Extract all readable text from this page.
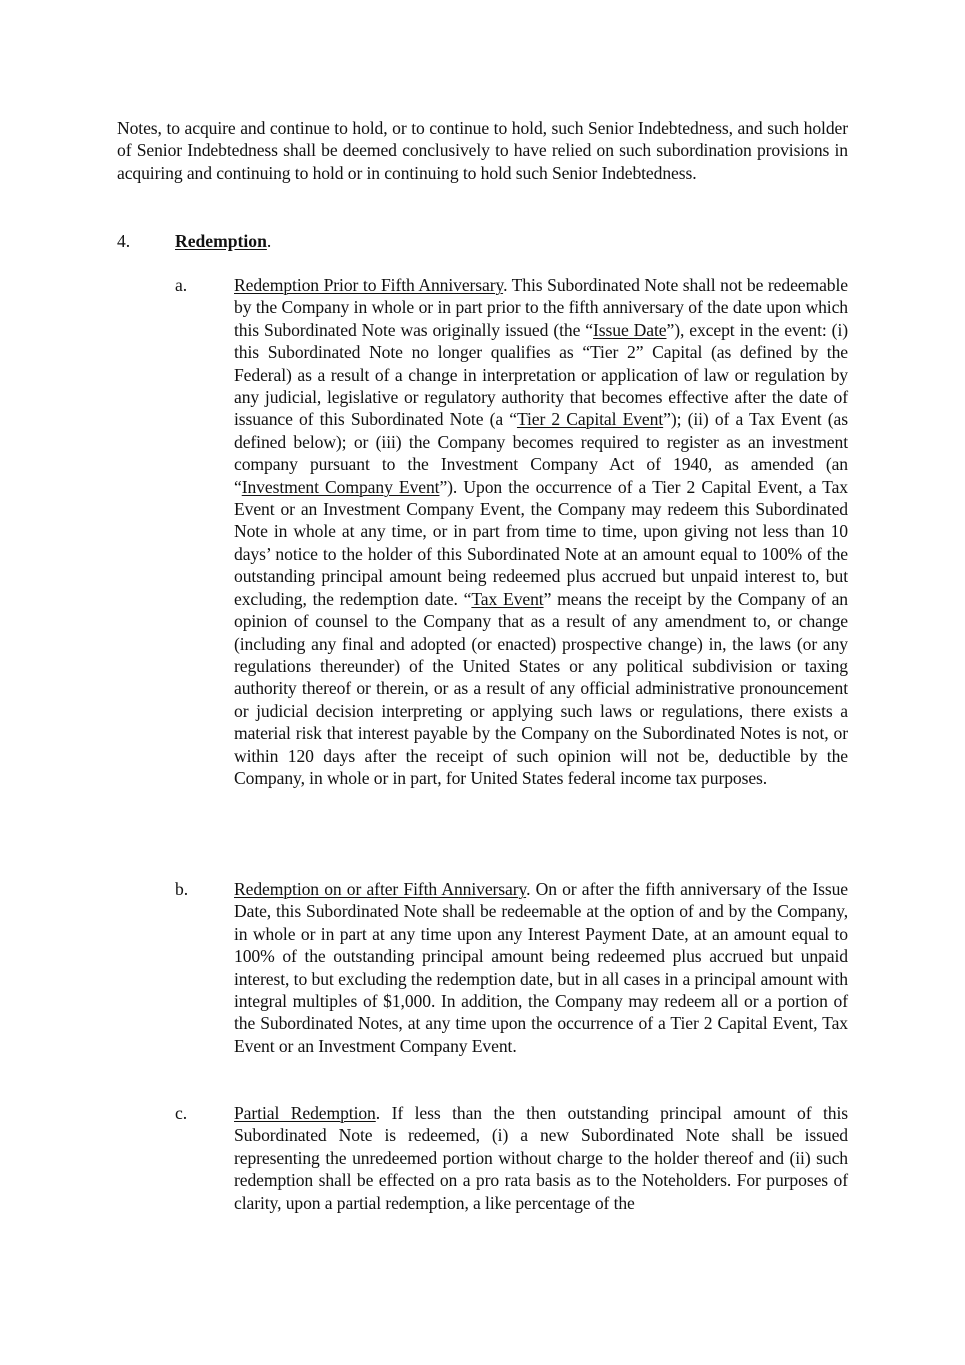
Notes, to acquire and continue to hold, or to continue to hold, such Senior Indebtedness, and such holder of Senior Indebtedness shall be deemed conclusively to have relied on such subordination provisions in acquiring and continuing to hold or in continuing to hold such Senior Indebtedness.

4.	Redemption.

a.	Redemption Prior to Fifth Anniversary. This Subordinated Note shall not be redeemable by the Company in whole or in part prior to the fifth anniversary of the date upon which this Subordinated Note was originally issued (the “Issue Date”), except in the event: (i) this Subordinated Note no longer qualifies as “Tier 2” Capital (as defined by the Federal) as a result of a change in interpretation or application of law or regulation by any judicial, legislative or regulatory authority that becomes effective after the date of issuance of this Subordinated Note (a “Tier 2 Capital Event”); (ii) of a Tax Event (as defined below); or (iii) the Company becomes required to register as an investment company pursuant to the Investment Company Act of 1940, as amended (an “Investment Company Event”). Upon the occurrence of a Tier 2 Capital Event, a Tax Event or an Investment Company Event, the Company may redeem this Subordinated Note in whole at any time, or in part from time to time, upon giving not less than 10 days’ notice to the holder of this Subordinated Note at an amount equal to 100% of the outstanding principal amount being redeemed plus accrued but unpaid interest to, but excluding, the redemption date. “Tax Event” means the receipt by the Company of an opinion of counsel to the Company that as a result of any amendment to, or change (including any final and adopted (or enacted) prospective change) in, the laws (or any regulations thereunder) of the United States or any political subdivision or taxing authority thereof or therein, or as a result of any official administrative pronouncement or judicial decision interpreting or applying such laws or regulations, there exists a material risk that interest payable by the Company on the Subordinated Notes is not, or within 120 days after the receipt of such opinion will not be, deductible by the Company, in whole or in part, for United States federal income tax purposes.

b.	Redemption on or after Fifth Anniversary. On or after the fifth anniversary of the Issue Date, this Subordinated Note shall be redeemable at the option of and by the Company, in whole or in part at any time upon any Interest Payment Date, at an amount equal to 100% of the outstanding principal amount being redeemed plus accrued but unpaid interest, to but excluding the redemption date, but in all cases in a principal amount with integral multiples of $1,000. In addition, the Company may redeem all or a portion of the Subordinated Notes, at any time upon the occurrence of a Tier 2 Capital Event, Tax Event or an Investment Company Event.

c.	Partial Redemption. If less than the then outstanding principal amount of this Subordinated Note is redeemed, (i) a new Subordinated Note shall be issued representing the unredeemed portion without charge to the holder thereof and (ii) such redemption shall be effected on a pro rata basis as to the Noteholders. For purposes of clarity, upon a partial redemption, a like percentage of the
